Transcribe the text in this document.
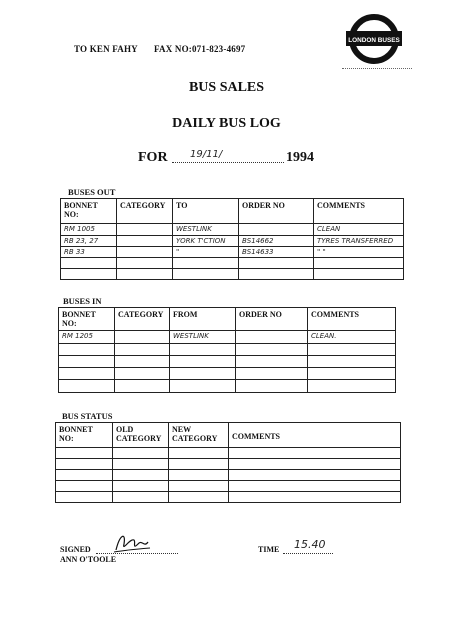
TO KEN FAHY FAX NO:071-823-4697
LONDON BUSES
BUS SALES
DAILY BUS LOG
FOR 19/11/	1994
BUSES OUT
BONNET NO:	CATEGORY	TO	ORDER NO	COMMENTS
RM 1005		WESTLINK		CLEAN
RB 23, 27		YORK T'CTION	BS14662	TYRES TRANSFERRED
RB 33		"	BS14633	" "

BUSES IN
BONNET NO:	CATEGORY	FROM	ORDER NO	COMMENTS
RM 1205		WESTLINK		CLEAN.

BUS STATUS
BONNET NO:	OLD CATEGORY	NEW CATEGORY	COMMENTS

SIGNED
ANN O'TOOLE
TIME 15.40
